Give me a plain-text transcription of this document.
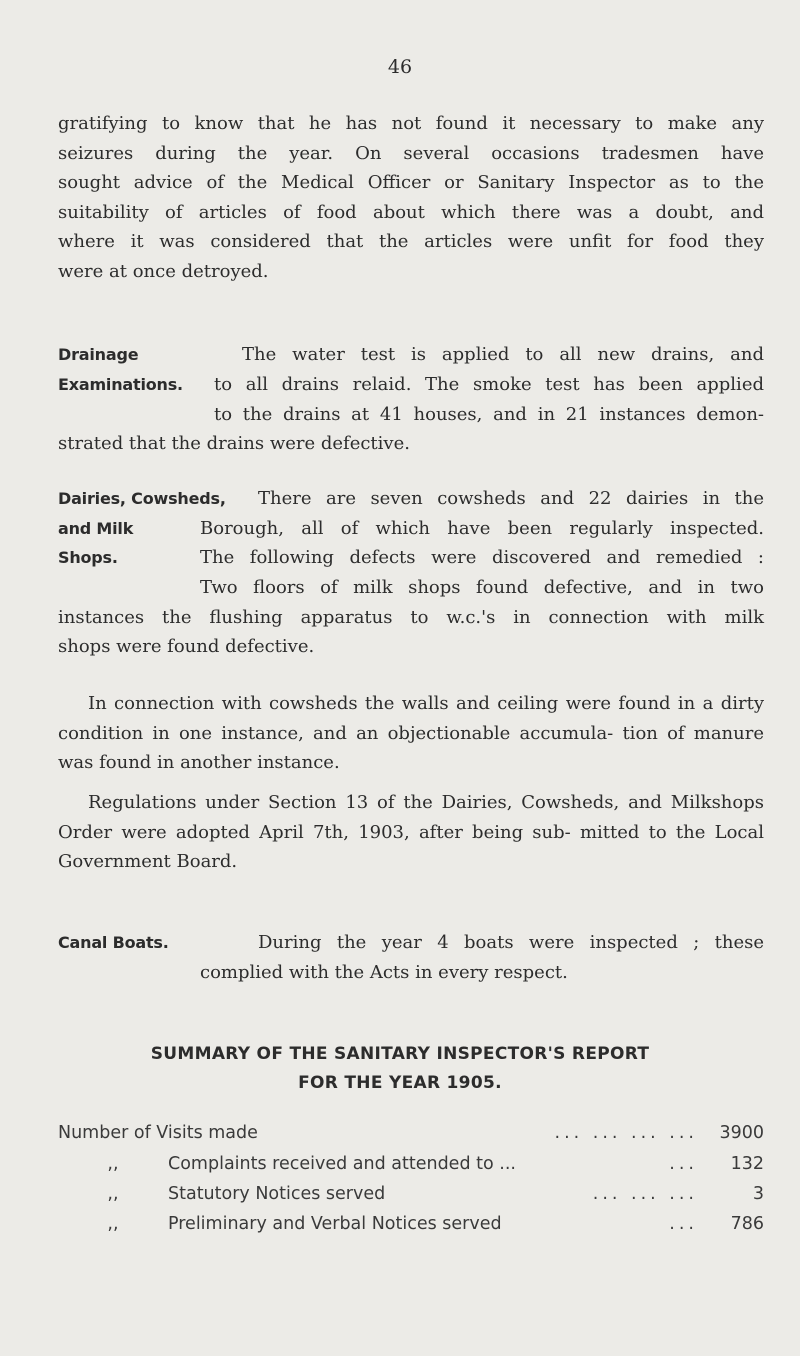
46
gratifying to know that he has not found it necessary to make any
seizures during the year. On several occasions tradesmen have
sought advice of the Medical Officer or Sanitary Inspector as to the
suitability of articles of food about which there was a doubt, and
where it was considered that the articles were unfit for food they
were at once detroyed.
Drainage
Examinations.
The water test is applied to all new drains, and
to all drains relaid. The smoke test has been applied
to the drains at 41 houses, and in 21 instances demon-
strated that the drains were defective.
Dairies, Cowsheds,
and Milk
Shops.
There are seven cowsheds and 22 dairies in the
Borough, all of which have been regularly inspected.
The following defects were discovered and remedied :
Two floors of milk shops found defective, and in two
instances the flushing apparatus to w.c.'s in connection with milk
shops were found defective.
In connection with cowsheds the walls and ceiling were found in a dirty condition in one instance, and an objectionable accumula- tion of manure was found in another instance.
Regulations under Section 13 of the Dairies, Cowsheds, and Milkshops Order were adopted April 7th, 1903, after being sub- mitted to the Local Government Board.
Canal Boats.	During the year 4 boats were inspected ; these
complied with the Acts in every respect.
SUMMARY OF THE SANITARY INSPECTOR'S REPORT
FOR THE YEAR 1905.
Number of Visits made	... ... ... ...	3900
,,	Complaints received and attended to ...	...	132
,,	Statutory Notices served	... ... ...	3
,,	Preliminary and Verbal Notices served	...	786
